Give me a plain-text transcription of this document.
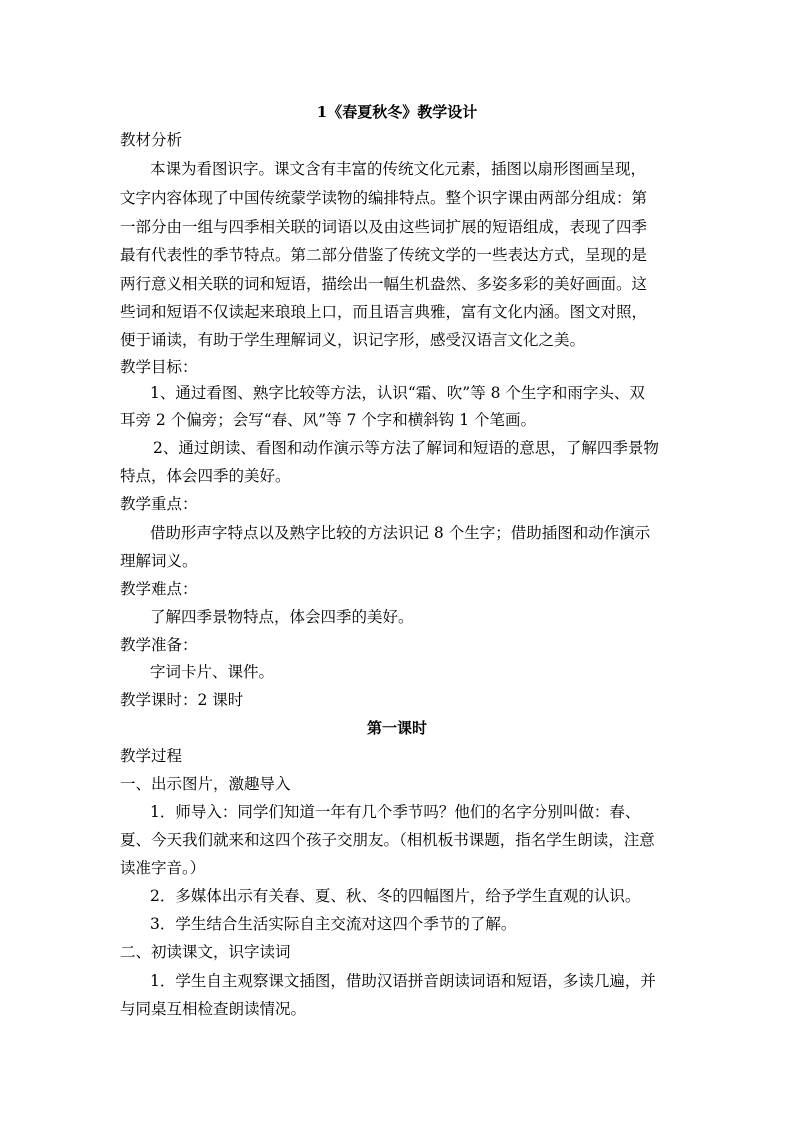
1《春夏秋冬》教学设计
教材分析
本课为看图识字。课文含有丰富的传统文化元素，插图以扇形图画呈现，
文字内容体现了中国传统蒙学读物的编排特点。整个识字课由两部分组成：第
一部分由一组与四季相关联的词语以及由这些词扩展的短语组成，表现了四季
最有代表性的季节特点。第二部分借鉴了传统文学的一些表达方式，呈现的是
两行意义相关联的词和短语，描绘出一幅生机盎然、多姿多彩的美好画面。这
些词和短语不仅读起来琅琅上口，而且语言典雅，富有文化内涵。图文对照，
便于诵读，有助于学生理解词义，识记字形，感受汉语言文化之美。
教学目标：
1、通过看图、熟字比较等方法，认识“霜、吹”等 8 个生字和雨字头、双
耳旁 2 个偏旁；会写“春、风”等 7 个字和横斜钩 1 个笔画。
2、通过朗读、看图和动作演示等方法了解词和短语的意思，了解四季景物
特点，体会四季的美好。
教学重点：
借助形声字特点以及熟字比较的方法识记 8 个生字；借助插图和动作演示
理解词义。
教学难点：
了解四季景物特点，体会四季的美好。
教学准备：
字词卡片、课件。
教学课时：2 课时
第一课时
教学过程
一、出示图片，激趣导入
1．师导入：同学们知道一年有几个季节吗？他们的名字分别叫做：春、
夏、今天我们就来和这四个孩子交朋友。（相机板书课题，指名学生朗读，注意
读准字音。）
2．多媒体出示有关春、夏、秋、冬的四幅图片，给予学生直观的认识。
3．学生结合生活实际自主交流对这四个季节的了解。
二、初读课文，识字读词
1．学生自主观察课文插图，借助汉语拼音朗读词语和短语，多读几遍，并
与同桌互相检查朗读情况。
